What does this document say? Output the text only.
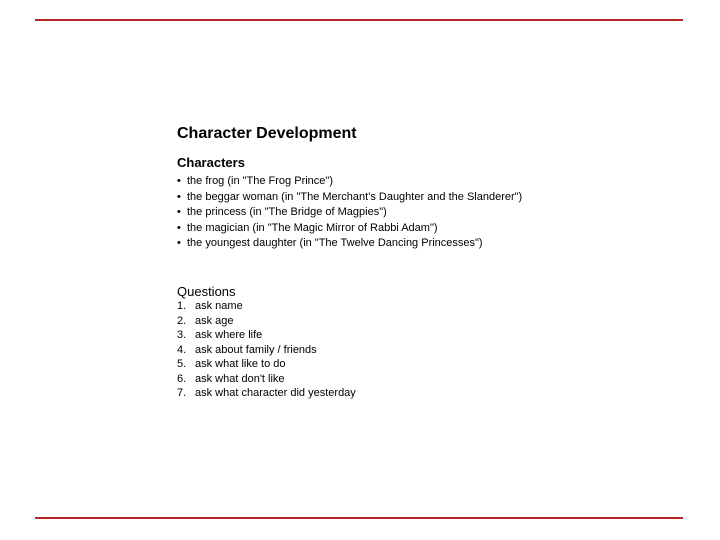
Character Development
Characters
• the frog (in "The Frog Prince")
• the beggar woman (in "The Merchant's Daughter and the Slanderer")
• the princess (in "The Bridge of Magpies")
• the magician (in "The Magic Mirror of Rabbi Adam")
• the youngest daughter (in "The Twelve Dancing Princesses")
Questions
1. ask name
2. ask age
3. ask where life
4. ask about family / friends
5. ask what like to do
6. ask what don't like
7. ask what character did yesterday
